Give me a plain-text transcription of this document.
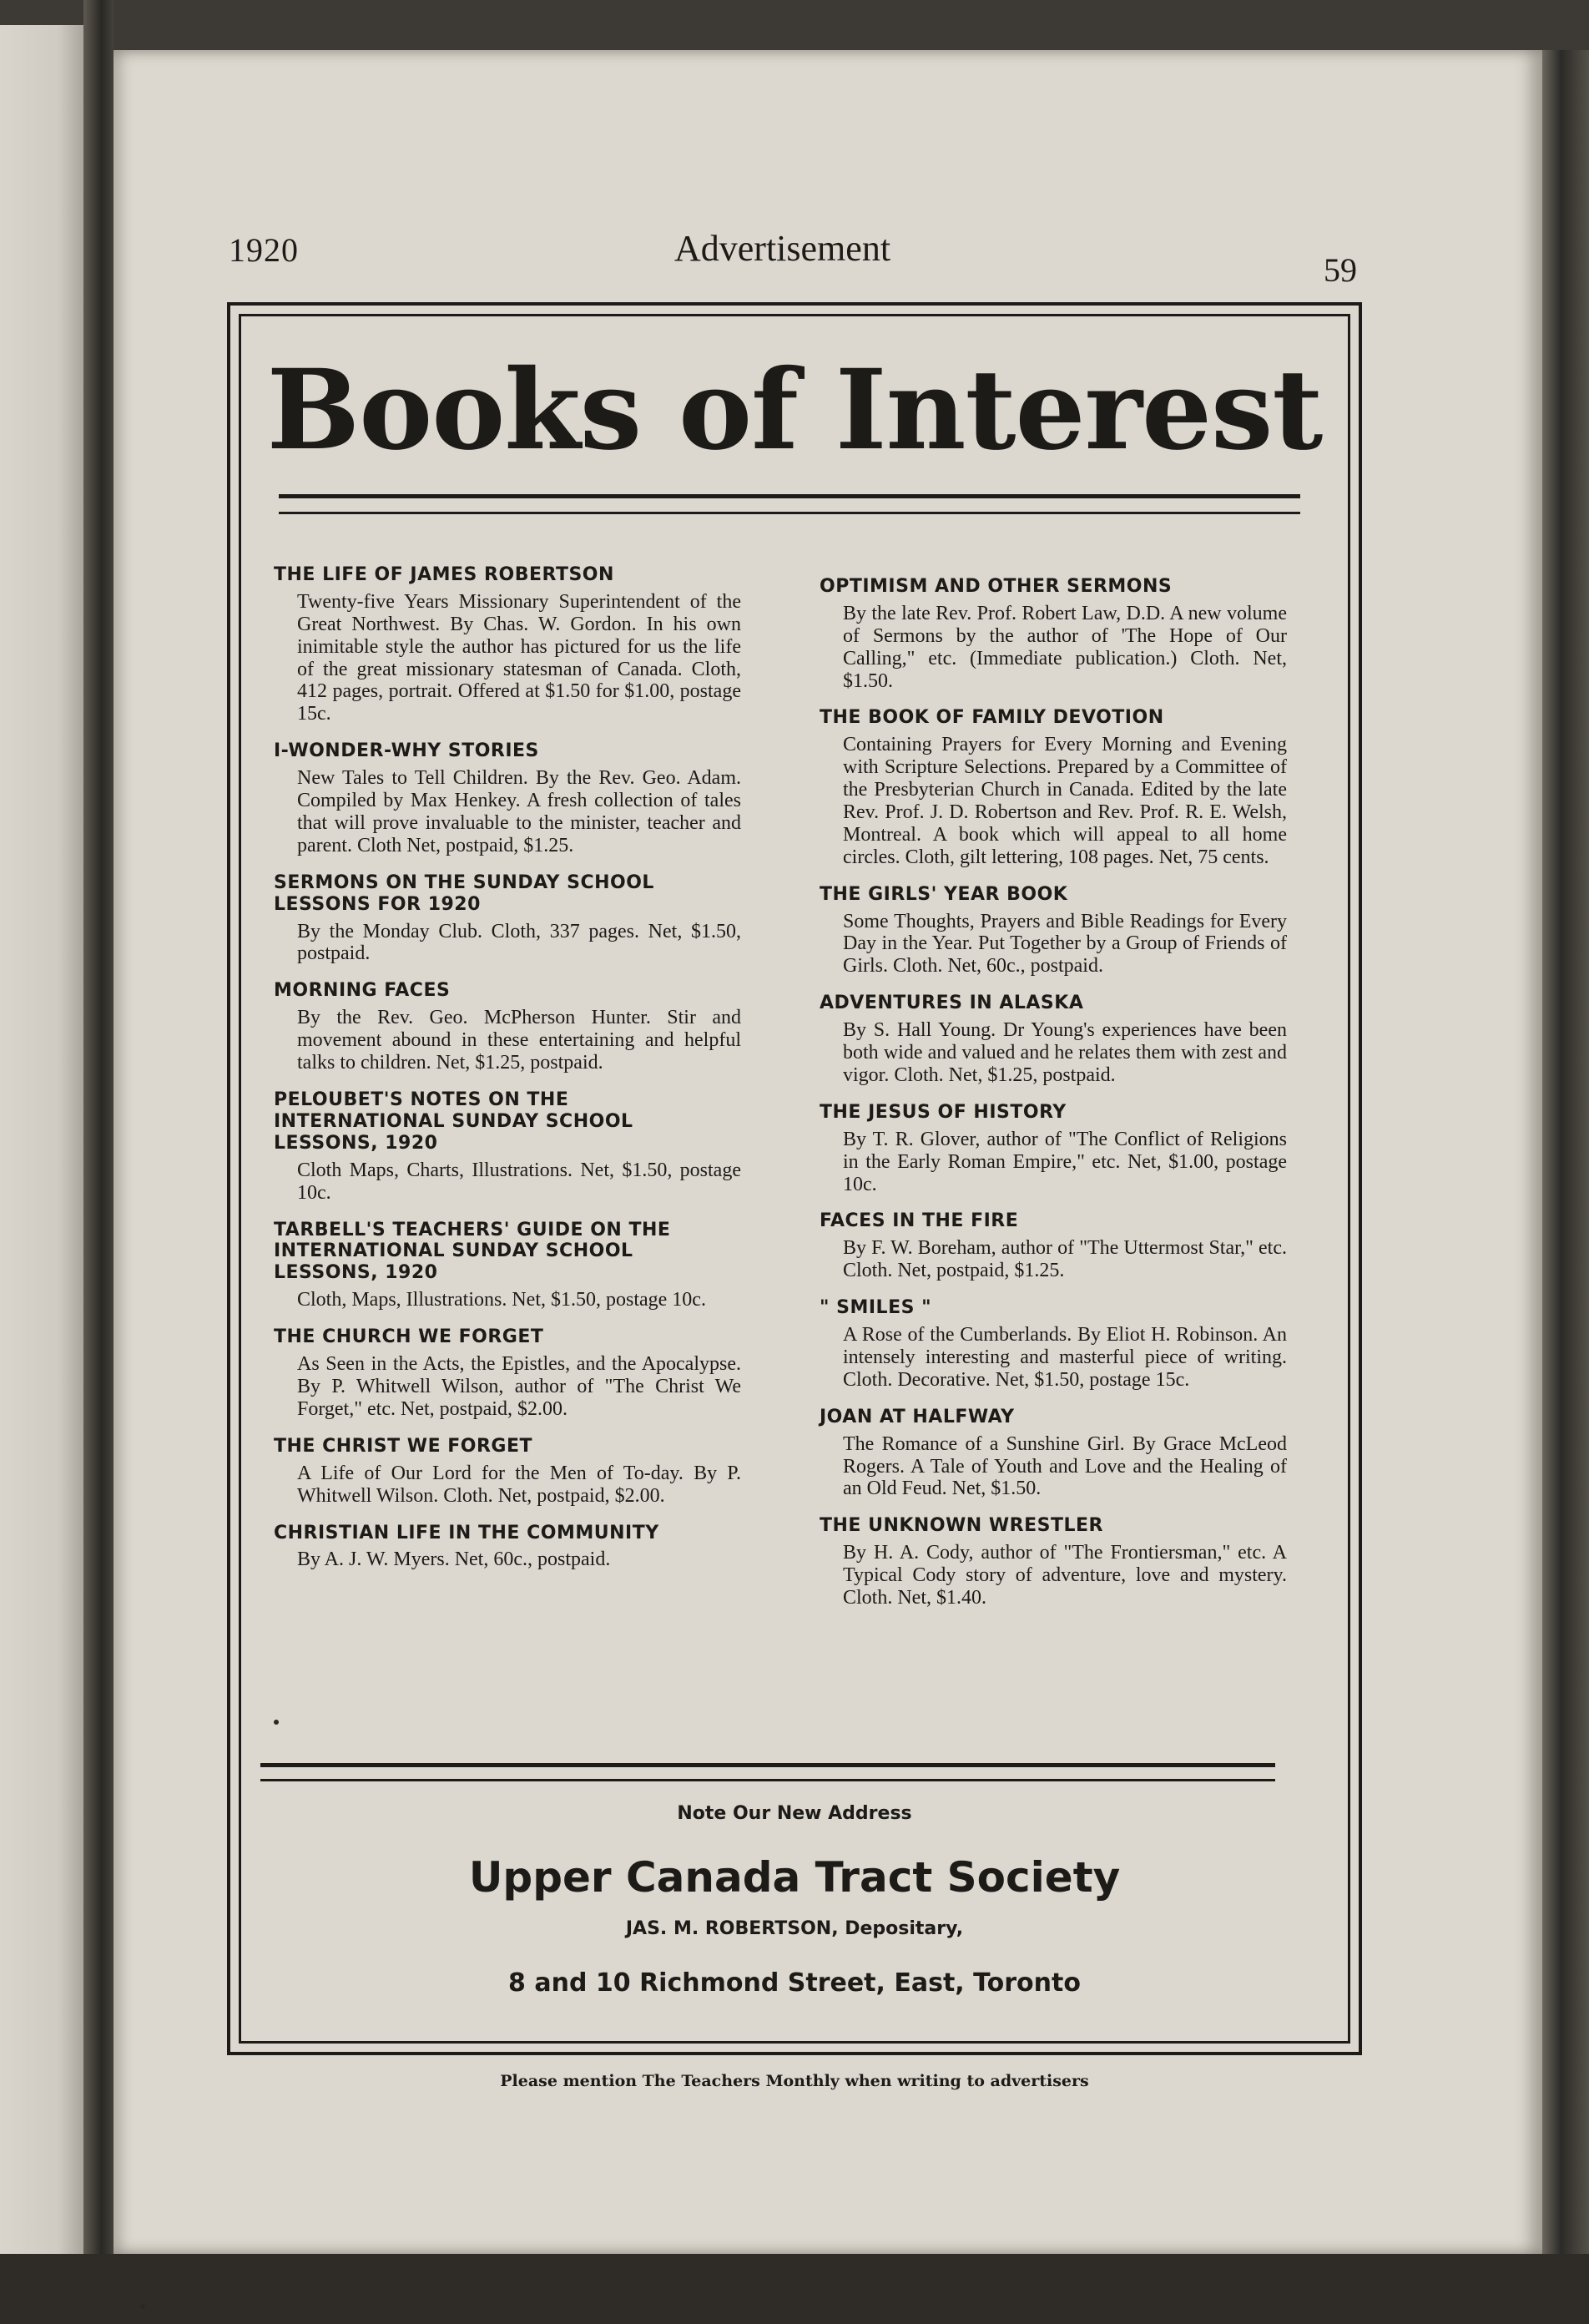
1920	Advertisement
59
Books of Interest
THE LIFE OF JAMES ROBERTSON
Twenty-five Years Missionary Superintendent of the Great Northwest. By Chas. W. Gordon. In his own inimitable style the author has pictured for us the life of the great missionary statesman of Canada. Cloth, 412 pages, portrait. Offered at $1.50 for $1.00, postage 15c.
I-WONDER-WHY STORIES
New Tales to Tell Children. By the Rev. Geo. Adam. Compiled by Max Henkey. A fresh collection of tales that will prove invaluable to the minister, teacher and parent. Cloth Net, postpaid, $1.25.
SERMONS ON THE SUNDAY SCHOOL LESSONS FOR 1920
By the Monday Club. Cloth, 337 pages. Net, $1.50, postpaid.
MORNING FACES
By the Rev. Geo. McPherson Hunter. Stir and movement abound in these entertaining and helpful talks to children. Net, $1.25, postpaid.
PELOUBET'S NOTES ON THE INTERNATIONAL SUNDAY SCHOOL LESSONS, 1920
Cloth Maps, Charts, Illustrations. Net, $1.50, postage 10c.
TARBELL'S TEACHERS' GUIDE ON THE INTERNATIONAL SUNDAY SCHOOL LESSONS, 1920
Cloth, Maps, Illustrations. Net, $1.50, postage 10c.
THE CHURCH WE FORGET
As Seen in the Acts, the Epistles, and the Apocalypse. By P. Whitwell Wilson, author of "The Christ We Forget," etc. Net, postpaid, $2.00.
THE CHRIST WE FORGET
A Life of Our Lord for the Men of To-day. By P. Whitwell Wilson. Cloth. Net, postpaid, $2.00.
CHRISTIAN LIFE IN THE COMMUNITY
By A. J. W. Myers. Net, 60c., postpaid.
OPTIMISM AND OTHER SERMONS
By the late Rev. Prof. Robert Law, D.D. A new volume of Sermons by the author of 'The Hope of Our Calling," etc. (Immediate publication.) Cloth. Net, $1.50.
THE BOOK OF FAMILY DEVOTION
Containing Prayers for Every Morning and Evening with Scripture Selections. Prepared by a Committee of the Presbyterian Church in Canada. Edited by the late Rev. Prof. J. D. Robertson and Rev. Prof. R. E. Welsh, Montreal. A book which will appeal to all home circles. Cloth, gilt lettering, 108 pages. Net, 75 cents.
THE GIRLS' YEAR BOOK
Some Thoughts, Prayers and Bible Readings for Every Day in the Year. Put Together by a Group of Friends of Girls. Cloth. Net, 60c., postpaid.
ADVENTURES IN ALASKA
By S. Hall Young. Dr Young's experiences have been both wide and valued and he relates them with zest and vigor. Cloth. Net, $1.25, postpaid.
THE JESUS OF HISTORY
By T. R. Glover, author of "The Conflict of Religions in the Early Roman Empire," etc. Net, $1.00, postage 10c.
FACES IN THE FIRE
By F. W. Boreham, author of "The Uttermost Star," etc. Cloth. Net, postpaid, $1.25.
" SMILES "
A Rose of the Cumberlands. By Eliot H. Robinson. An intensely interesting and masterful piece of writing. Cloth. Decorative. Net, $1.50, postage 15c.
JOAN AT HALFWAY
The Romance of a Sunshine Girl. By Grace McLeod Rogers. A Tale of Youth and Love and the Healing of an Old Feud. Net, $1.50.
THE UNKNOWN WRESTLER
By H. A. Cody, author of "The Frontiersman," etc. A Typical Cody story of adventure, love and mystery. Cloth. Net, $1.40.
Note Our New Address
Upper Canada Tract Society
JAS. M. ROBERTSON, Depositary,
8 and 10 Richmond Street, East, Toronto
Please mention The Teachers Monthly when writing to advertisers
